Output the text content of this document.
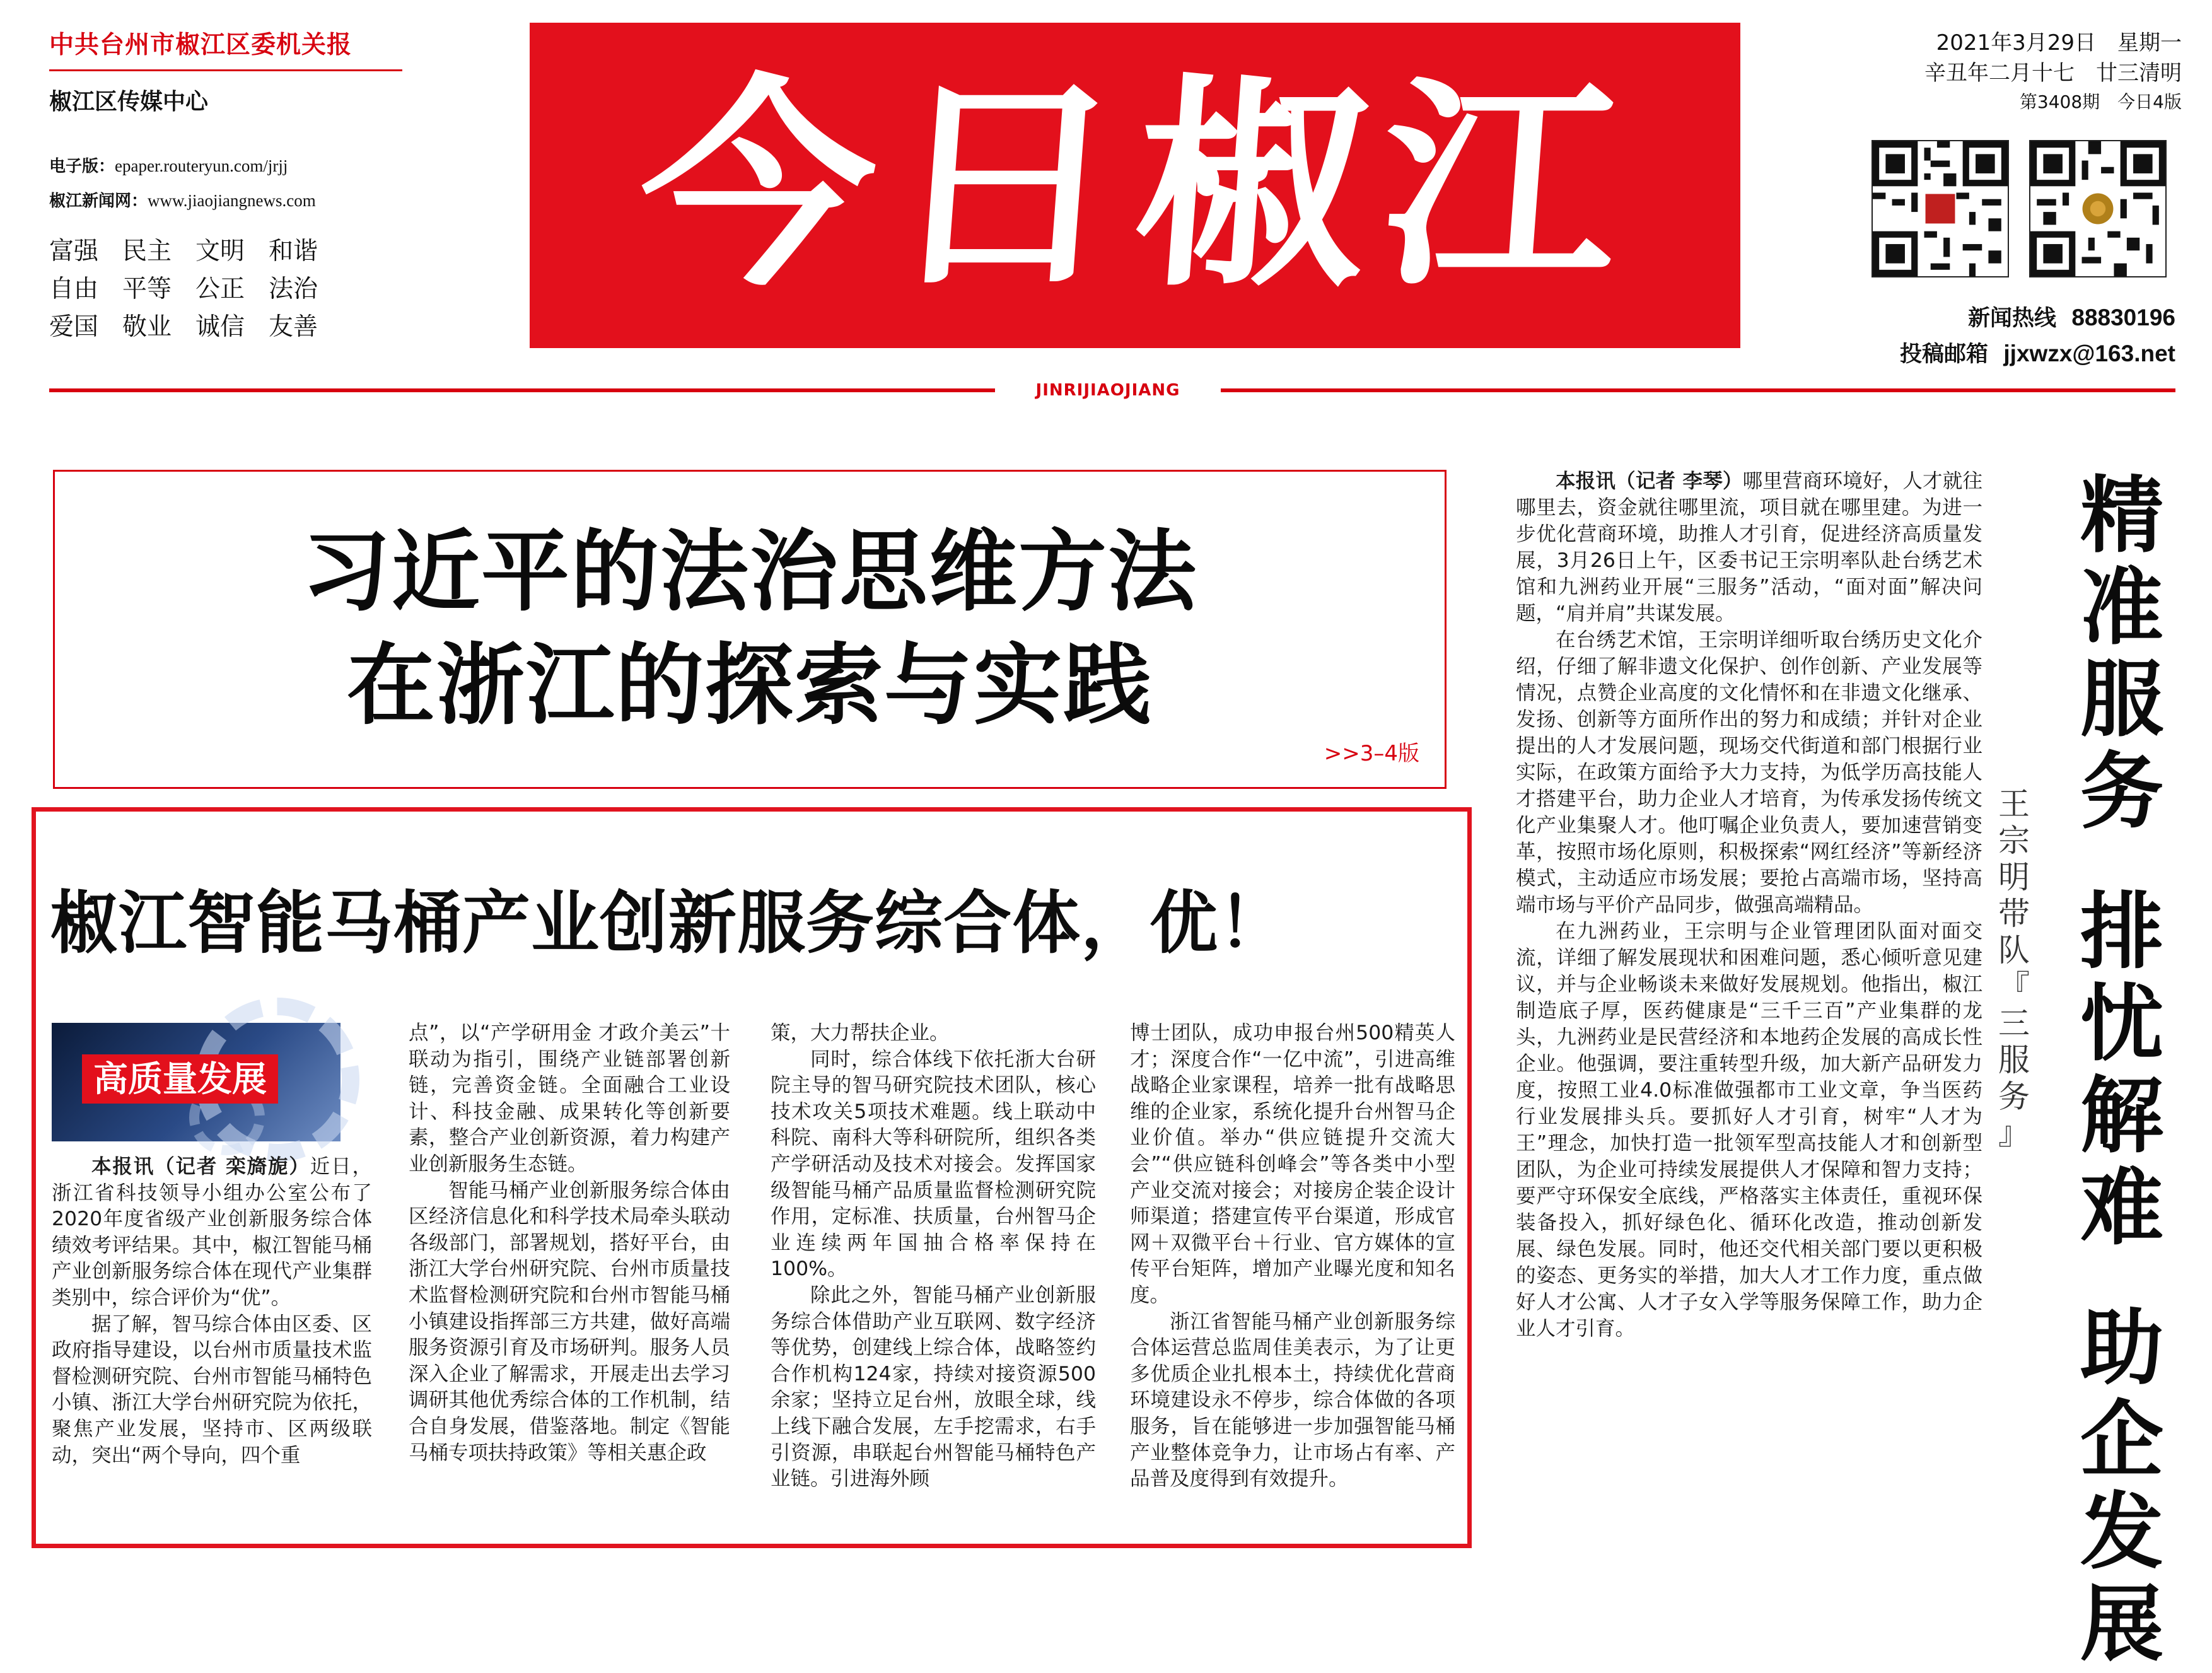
中共台州市椒江区委机关报
椒江区传媒中心
电子版：epaper.routeryun.com/jrjj
椒江新闻网：www.jiaojiangnews.com
富强 民主 文明 和谐
自由 平等 公正 法治
爱国 敬业 诚信 友善
今日椒江
2021年3月29日　星期一
辛丑年二月十七　廿三清明
第3408期　今日4版
新闻热线 88830196
投稿邮箱 jjxwzx@163.net
JINRIJIAOJIANG
习近平的法治思维方法
在浙江的探索与实践
>>3–4版
椒江智能马桶产业创新服务综合体，优！
高质量发展

本报讯（记者 栾旖旎）近日，浙江省科技领导小组办公室公布了2020年度省级产业创新服务综合体绩效考评结果。其中，椒江智能马桶产业创新服务综合体在现代产业集群类别中，综合评价为“优”。

据了解，智马综合体由区委、区政府指导建设，以台州市质量技术监督检测研究院、台州市智能马桶特色小镇、浙江大学台州研究院为依托，聚焦产业发展，坚持市、区两级联动，突出“两个导向，四个重

点”，以“产学研用金 才政介美云”十联动为指引，围绕产业链部署创新链，完善资金链。全面融合工业设计、科技金融、成果转化等创新要素，整合产业创新资源，着力构建产业创新服务生态链。

智能马桶产业创新服务综合体由区经济信息化和科学技术局牵头联动各级部门，部署规划，搭好平台，由浙江大学台州研究院、台州市质量技术监督检测研究院和台州市智能马桶小镇建设指挥部三方共建，做好高端服务资源引育及市场研判。服务人员深入企业了解需求，开展走出去学习调研其他优秀综合体的工作机制，结合自身发展，借鉴落地。制定《智能马桶专项扶持政策》等相关惠企政

策，大力帮扶企业。

同时，综合体线下依托浙大台研院主导的智马研究院技术团队，核心技术攻关5项技术难题。线上联动中科院、南科大等科研院所，组织各类产学研活动及技术对接会。发挥国家级智能马桶产品质量监督检测研究院作用，定标准、扶质量，台州智马企业连续两年国抽合格率保持在100%。

除此之外，智能马桶产业创新服务综合体借助产业互联网、数字经济等优势，创建线上综合体，战略签约合作机构124家，持续对接资源500余家；坚持立足台州，放眼全球，线上线下融合发展，左手挖需求，右手引资源，串联起台州智能马桶特色产业链。引进海外顾

博士团队，成功申报台州500精英人才；深度合作“一亿中流”，引进高维战略企业家课程，培养一批有战略思维的企业家，系统化提升台州智马企业价值。举办“供应链提升交流大会”“供应链科创峰会”等各类中小型产业交流对接会；对接房企装企设计师渠道；搭建宣传平台渠道，形成官网＋双微平台＋行业、官方媒体的宣传平台矩阵，增加产业曝光度和知名度。

浙江省智能马桶产业创新服务综合体运营总监周佳美表示，为了让更多优质企业扎根本土，持续优化营商环境建设永不停步，综合体做的各项服务，旨在能够进一步加强智能马桶产业整体竞争力，让市场占有率、产品普及度得到有效提升。

本报讯（记者 李琴）哪里营商环境好，人才就往哪里去，资金就往哪里流，项目就在哪里建。为进一步优化营商环境，助推人才引育，促进经济高质量发展，3月26日上午，区委书记王宗明率队赴台绣艺术馆和九洲药业开展“三服务”活动，“面对面”解决问题，“肩并肩”共谋发展。

在台绣艺术馆，王宗明详细听取台绣历史文化介绍，仔细了解非遗文化保护、创作创新、产业发展等情况，点赞企业高度的文化情怀和在非遗文化继承、发扬、创新等方面所作出的努力和成绩；并针对企业提出的人才发展问题，现场交代街道和部门根据行业实际，在政策方面给予大力支持，为低学历高技能人才搭建平台，助力企业人才培育，为传承发扬传统文化产业集聚人才。他叮嘱企业负责人，要加速营销变革，按照市场化原则，积极探索“网红经济”等新经济模式，主动适应市场发展；要抢占高端市场，坚持高端市场与平价产品同步，做强高端精品。

在九洲药业，王宗明与企业管理团队面对面交流，详细了解发展现状和困难问题，悉心倾听意见建议，并与企业畅谈未来做好发展规划。他指出，椒江制造底子厚，医药健康是“三千三百”产业集群的龙头，九洲药业是民营经济和本地药企发展的高成长性企业。他强调，要注重转型升级，加大新产品研发力度，按照工业4.0标准做强都市工业文章，争当医药行业发展排头兵。要抓好人才引育，树牢“人才为王”理念，加快打造一批领军型高技能人才和创新型团队，为企业可持续发展提供人才保障和智力支持；要严守环保安全底线，严格落实主体责任，重视环保装备投入，抓好绿色化、循环化改造，推动创新发展、绿色发展。同时，他还交代相关部门要以更积极的姿态、更务实的举措，加大人才工作力度，重点做好人才公寓、人才子女入学等服务保障工作，助力企业人才引育。

王
宗
明
带
队
『
三
服
务
』
精
准
服
务
排
忧
解
难
助
企
发
展
